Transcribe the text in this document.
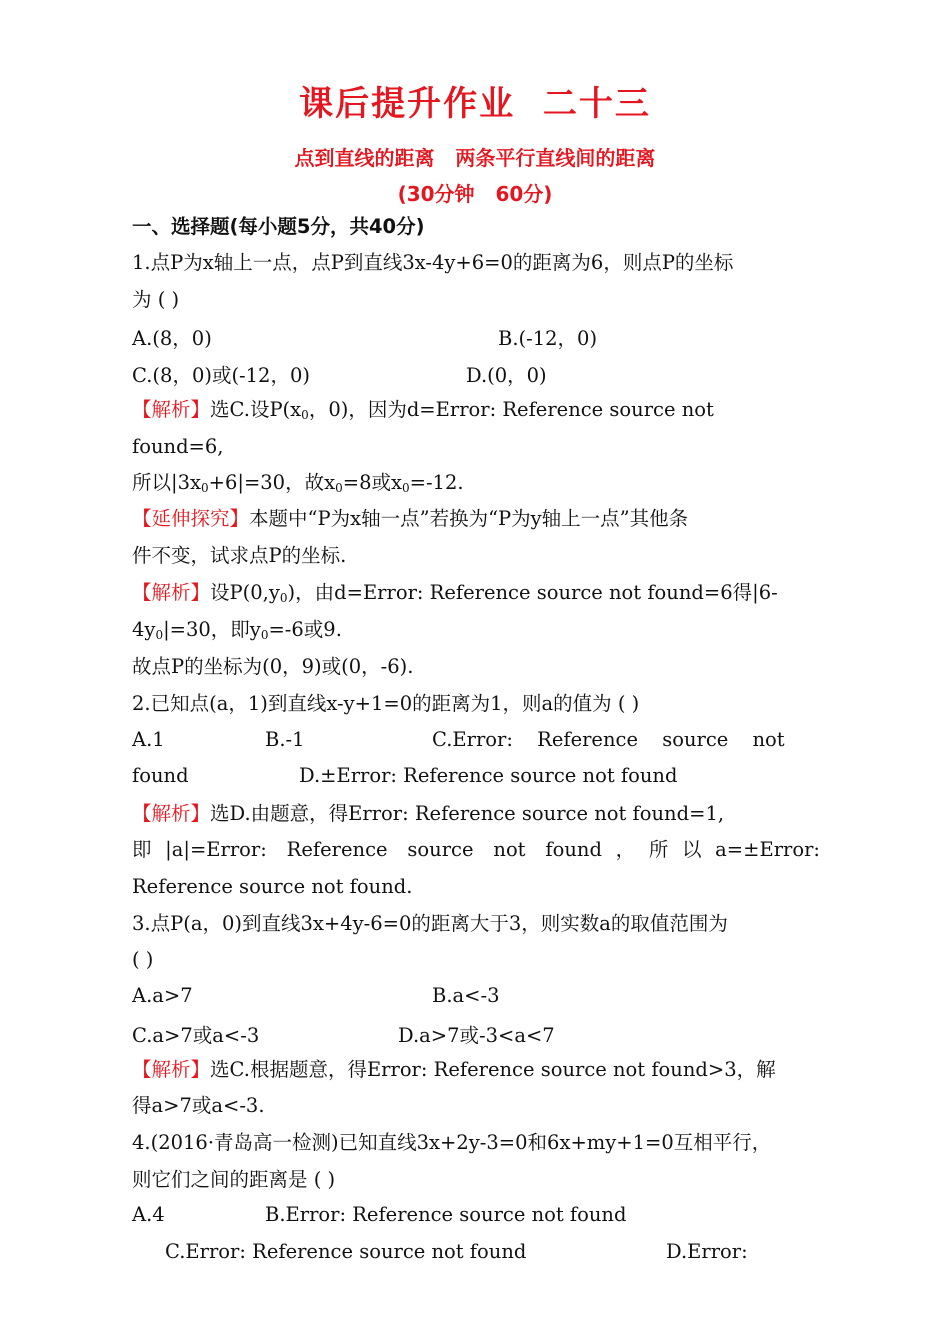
课后提升作业  二十三
点到直线的距离   两条平行直线间的距离
(30分钟   60分)
一、选择题(每小题5分，共40分)
1.点P为x轴上一点，点P到直线3x-4y+6=0的距离为6，则点P的坐标
为 ( )
A.(8，0)	B.(-12，0)
C.(8，0)或(-12，0)	D.(0，0)
【解析】选C.设$P(x_0$，0)，因为d=Error: Reference source not
found=6,
所以$|3x_0+6|=30$，故$x_0=8$或$x_0=-12$.
【延伸探究】本题中“P为x轴一点”若换为“P为y轴上一点”其他条
件不变，试求点P的坐标.
【解析】设$P(0,y_0)$，由d=Error: Reference source not found=6得|6-
$4y_0|=30$，即$y_0=-6$或9.
故点P的坐标为(0，9)或(0，-6).
2.已知点(a，1)到直线x-y+1=0的距离为1，则a的值为 ( )
A.1	B.-1	C.Error: Reference source not
found	D.±Error: Reference source not found
【解析】选D.由题意，得Error: Reference source not found=1,
即|a|=Error: Reference source not found，所以a=±Error:
Reference source not found.
3.点P(a，0)到直线3x+4y-6=0的距离大于3，则实数a的取值范围为
( )
A.a>7	B.a<-3
C.a>7或a<-3	D.a>7或-3<a<7
【解析】选C.根据题意，得Error: Reference source not found>3，解
得a>7或a<-3.
4.(2016·青岛高一检测)已知直线3x+2y-3=0和6x+my+1=0互相平行，
则它们之间的距离是 ( )
A.4	B.Error: Reference source not found
C.Error: Reference source not found	D.Error:
